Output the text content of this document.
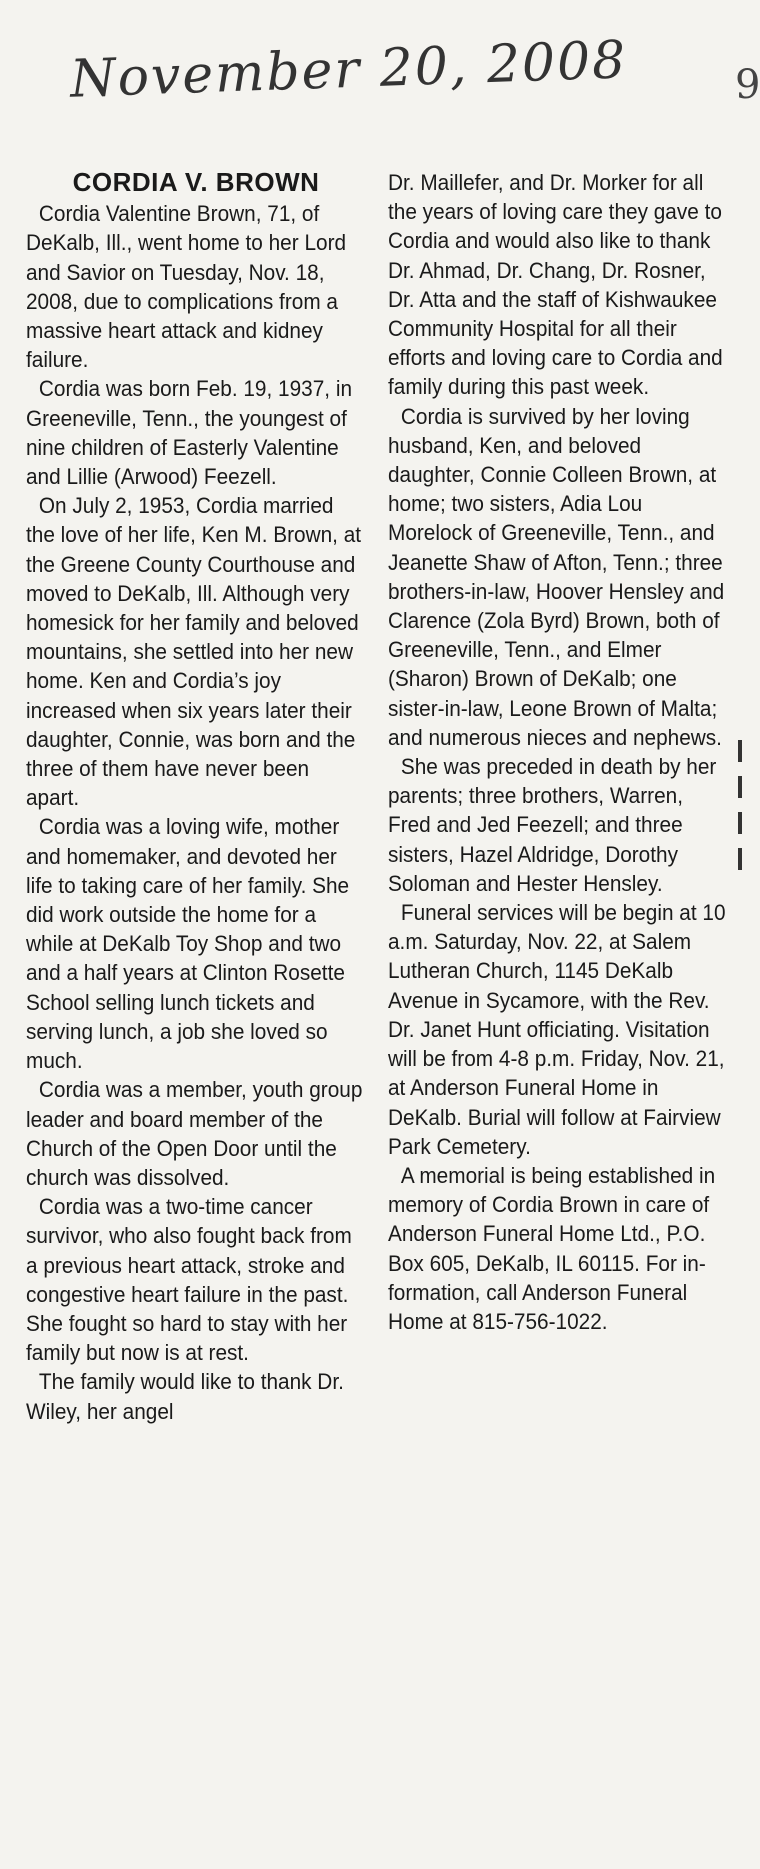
November 20, 2008	9
CORDIA V. BROWN

Cordia Valentine Brown, 71, of DeKalb, Ill., went home to her Lord and Savior on Tuesday, Nov. 18, 2008, due to complications from a massive heart attack and kidney failure.

Cordia was born Feb. 19, 1937, in Greeneville, Tenn., the youngest of nine children of Easterly Valentine and Lillie (Arwood) Feezell.

On July 2, 1953, Cordia married the love of her life, Ken M. Brown, at the Greene County Courthouse and moved to DeKalb, Ill. Although very homesick for her family and beloved mountains, she settled into her new home. Ken and Cordia’s joy increased when six years later their daughter, Connie, was born and the three of them have never been apart.

Cordia was a loving wife, mother and homemaker, and devoted her life to taking care of her family. She did work outside the home for a while at DeKalb Toy Shop and two and a half years at Clinton Rosette School selling lunch tickets and serving lunch, a job she loved so much.

Cordia was a member, youth group leader and board member of the Church of the Open Door until the church was dissolved.

Cordia was a two-time cancer survivor, who also fought back from a previous heart attack, stroke and congestive heart failure in the past. She fought so hard to stay with her family but now is at rest.

The family would like to thank Dr. Wiley, her angel

Dr. Maillefer, and Dr. Morker for all the years of loving care they gave to Cordia and would also like to thank Dr. Ahmad, Dr. Chang, Dr. Rosner, Dr. Atta and the staff of Kishwaukee Community Hospital for all their efforts and loving care to Cordia and family during this past week.

Cordia is survived by her loving husband, Ken, and beloved daughter, Connie Colleen Brown, at home; two sisters, Adia Lou Morelock of Greeneville, Tenn., and Jeanette Shaw of Afton, Tenn.; three brothers-in-law, Hoover Hensley and Clarence (Zola Byrd) Brown, both of Greeneville, Tenn., and Elmer (Sharon) Brown of DeKalb; one sister-in-law, Leone Brown of Malta; and numerous nieces and nephews.

She was preceded in death by her parents; three brothers, Warren, Fred and Jed Feezell; and three sisters, Hazel Aldridge, Dorothy Soloman and Hester Hensley.

Funeral services will be begin at 10 a.m. Saturday, Nov. 22, at Salem Lutheran Church, 1145 DeKalb Avenue in Sycamore, with the Rev. Dr. Janet Hunt officiating. Visitation will be from 4-8 p.m. Friday, Nov. 21, at Anderson Funeral Home in DeKalb. Burial will follow at Fairview Park Cemetery.

A memorial is being established in memory of Cordia Brown in care of Anderson Funeral Home Ltd., P.O. Box 605, DeKalb, IL 60115. For in- formation, call Anderson Funeral Home at 815-756-1022.
